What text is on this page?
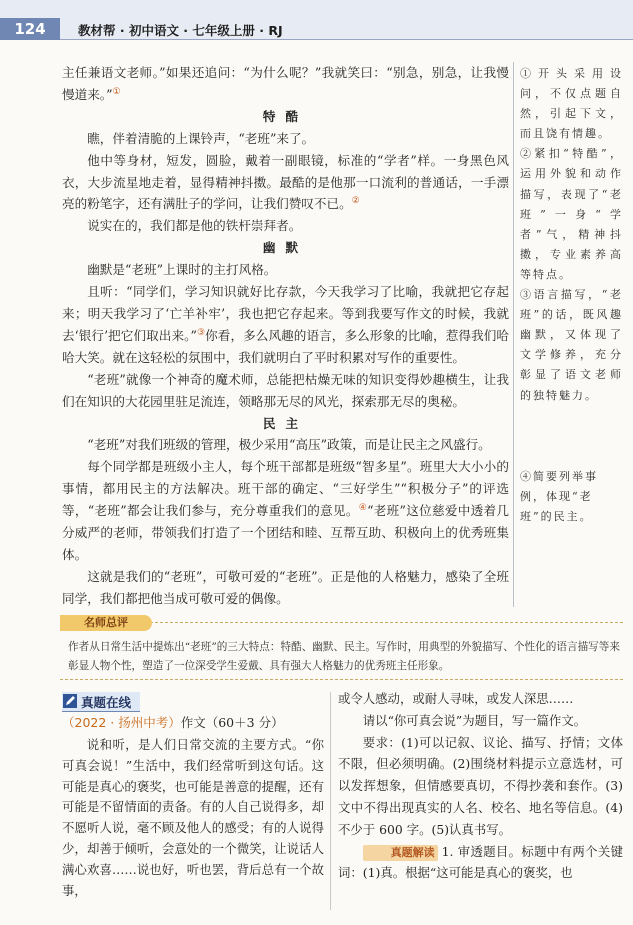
124	教材帮 · 初中语文 · 七年级上册 · RJ

主任兼语文老师。”如果还追问：“为什么呢？”我就笑曰：“别急，别急，让我慢慢道来。”①

特酷

瞧，伴着清脆的上课铃声，“老班”来了。

他中等身材，短发，圆脸，戴着一副眼镜，标准的“学者”样。一身黑色风衣，大步流星地走着，显得精神抖擞。最酷的是他那一口流利的普通话，一手漂亮的粉笔字，还有满肚子的学问，让我们赞叹不已。②

说实在的，我们都是他的铁杆崇拜者。

幽默

幽默是“老班”上课时的主打风格。

且听：“同学们，学习知识就好比存款，今天我学习了比喻，我就把它存起来；明天我学习了‘亡羊补牢’，我也把它存起来。等到我要写作文的时候，我就去‘银行’把它们取出来。”③你看，多么风趣的语言，多么形象的比喻，惹得我们哈哈大笑。就在这轻松的氛围中，我们就明白了平时积累对写作的重要性。

“老班”就像一个神奇的魔术师，总能把枯燥无味的知识变得妙趣横生，让我们在知识的大花园里驻足流连，领略那无尽的风光，探索那无尽的奥秘。

民主

“老班”对我们班级的管理，极少采用“高压”政策，而是让民主之风盛行。

每个同学都是班级小主人，每个班干部都是班级“智多星”。班里大大小小的事情，都用民主的方法解决。班干部的确定、“三好学生”“积极分子”的评选等，“老班”都会让我们参与，充分尊重我们的意见。④“老班”这位慈爱中透着几分威严的老师，带领我们打造了一个团结和睦、互帮互助、积极向上的优秀班集体。

这就是我们的“老班”，可敬可爱的“老班”。正是他的人格魅力，感染了全班同学，我们都把他当成可敬可爱的偶像。

①开头采用设问，不仅点题自然，引起下文，而且饶有情趣。

②紧扣“特酷”，运用外貌和动作描写，表现了“老班”一身“学者”气，精神抖擞，专业素养高等特点。

③语言描写，“老班”的话，既风趣幽默，又体现了文学修养，充分彰显了语文老师的独特魅力。

④简要列举事例，体现“老班”的民主。

名师总评

作者从日常生活中提炼出“老班”的三大特点：特酷、幽默、民主。写作时，用典型的外貌描写、个性化的语言描写等来彰显人物个性，塑造了一位深受学生爱戴、具有强大人格魅力的优秀班主任形象。

真题在线

（2022 · 扬州中考）作文（60＋3 分）

说和听，是人们日常交流的主要方式。“你可真会说！”生活中，我们经常听到这句话。这可能是真心的褒奖，也可能是善意的提醒，还有可能是不留情面的责备。有的人自己说得多，却不愿听人说，毫不顾及他人的感受；有的人说得少，却善于倾听，会意处的一个微笑，让说话人满心欢喜……说也好，听也罢，背后总有一个故事，

或令人感动，或耐人寻味，或发人深思……

请以“你可真会说”为题目，写一篇作文。

要求：(1)可以记叙、议论、描写、抒情；文体不限，但必须明确。(2)围绕材料提示立意选材，可以发挥想象，但情感要真切，不得抄袭和套作。(3)文中不得出现真实的人名、校名、地名等信息。(4)不少于 600 字。(5)认真书写。

真题解读 1. 审透题目。标题中有两个关键词：(1)真。根据“这可能是真心的褒奖，也
